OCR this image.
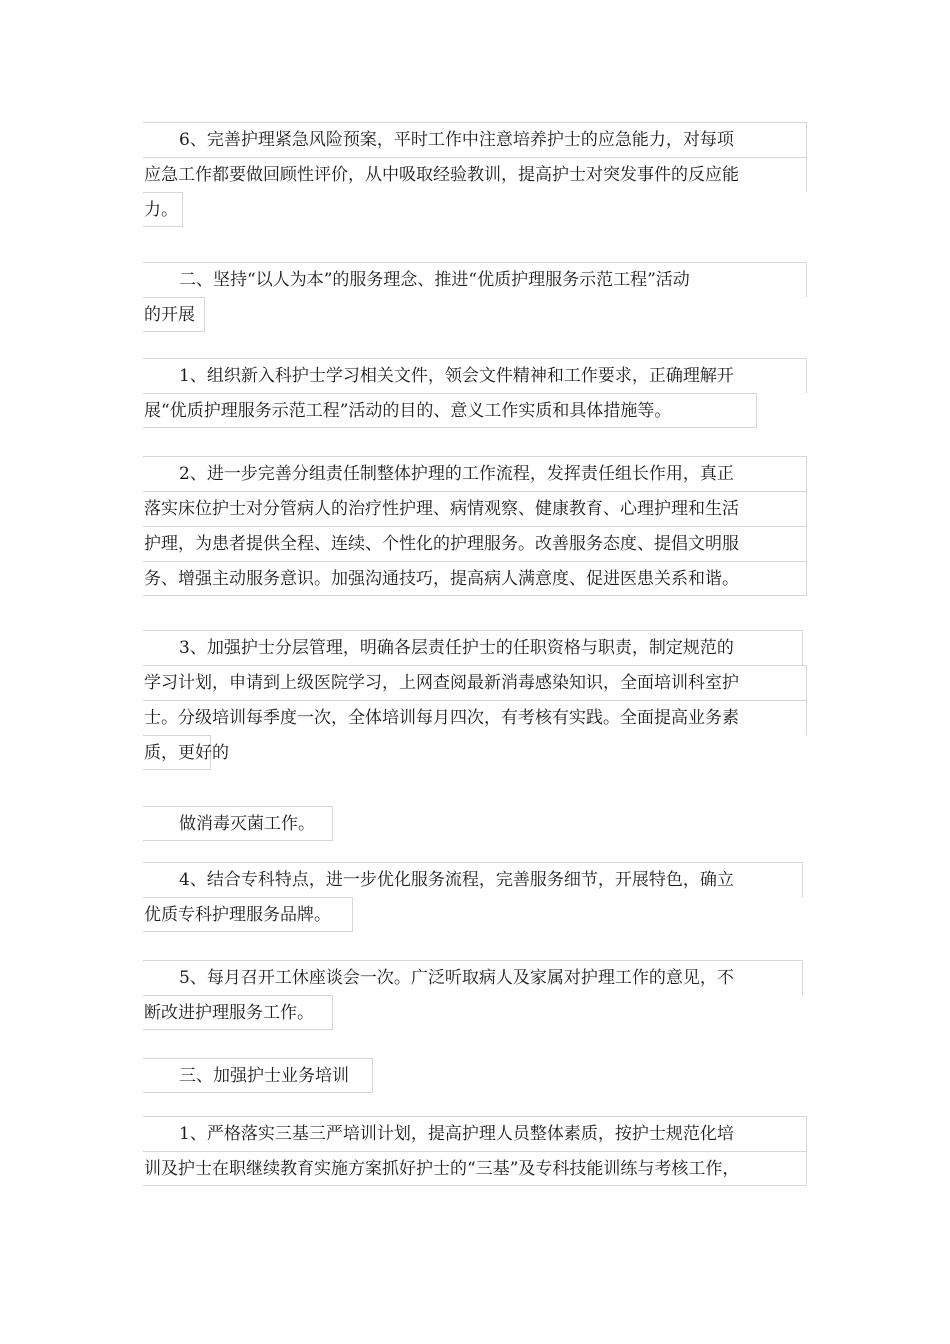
6、完善护理紧急风险预案，平时工作中注意培养护士的应急能力，对每项
应急工作都要做回顾性评价，从中吸取经验教训，提高护士对突发事件的反应能
力。
二、坚持“以人为本”的服务理念、推进“优质护理服务示范工程”活动
的开展
1、组织新入科护士学习相关文件，领会文件精神和工作要求，正确理解开
展“优质护理服务示范工程”活动的目的、意义工作实质和具体措施等。
2、进一步完善分组责任制整体护理的工作流程，发挥责任组长作用，真正
落实床位护士对分管病人的治疗性护理、病情观察、健康教育、心理护理和生活
护理，为患者提供全程、连续、个性化的护理服务。改善服务态度、提倡文明服
务、增强主动服务意识。加强沟通技巧，提高病人满意度、促进医患关系和谐。
3、加强护士分层管理，明确各层责任护士的任职资格与职责，制定规范的
学习计划，申请到上级医院学习，上网查阅最新消毒感染知识，全面培训科室护
士。分级培训每季度一次，全体培训每月四次，有考核有实践。全面提高业务素
质，更好的
做消毒灭菌工作。
4、结合专科特点，进一步优化服务流程，完善服务细节，开展特色，确立
优质专科护理服务品牌。
5、每月召开工休座谈会一次。广泛听取病人及家属对护理工作的意见，不
断改进护理服务工作。
三、加强护士业务培训
1、严格落实三基三严培训计划，提高护理人员整体素质，按护士规范化培
训及护士在职继续教育实施方案抓好护士的“三基”及专科技能训练与考核工作，
